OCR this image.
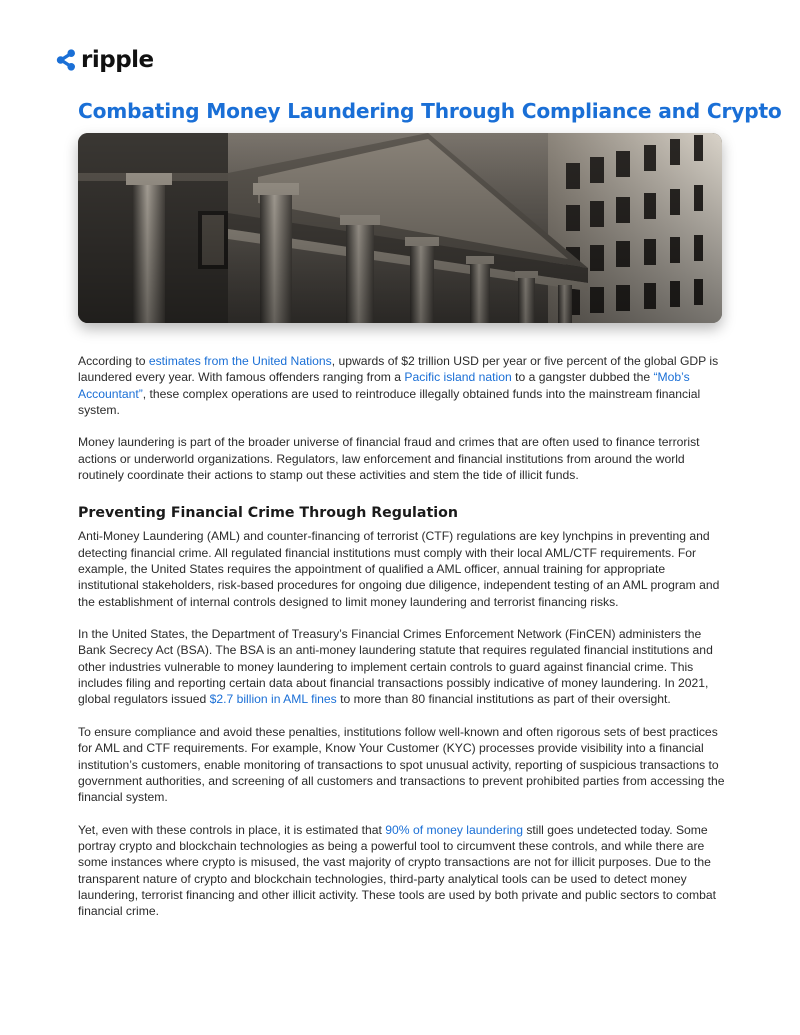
ripple
Combating Money Laundering Through Compliance and Crypto

According to estimates from the United Nations, upwards of $2 trillion USD per year or five percent of the global GDP is laundered every year. With famous offenders ranging from a Pacific island nation to a gangster dubbed the “Mob’s Accountant”, these complex operations are used to reintroduce illegally obtained funds into the mainstream financial system.

Money laundering is part of the broader universe of financial fraud and crimes that are often used to finance terrorist actions or underworld organizations. Regulators, law enforcement and financial institutions from around the world routinely coordinate their actions to stamp out these activities and stem the tide of illicit funds.

Preventing Financial Crime Through Regulation

Anti-Money Laundering (AML) and counter-financing of terrorist (CTF) regulations are key lynchpins in preventing and detecting financial crime. All regulated financial institutions must comply with their local AML/CTF requirements. For example, the United States requires the appointment of qualified a AML officer, annual training for appropriate institutional stakeholders, risk-based procedures for ongoing due diligence, independent testing of an AML program and the establishment of internal controls designed to limit money laundering and terrorist financing risks.

In the United States, the Department of Treasury’s Financial Crimes Enforcement Network (FinCEN) administers the Bank Secrecy Act (BSA). The BSA is an anti-money laundering statute that requires regulated financial institutions and other industries vulnerable to money laundering to implement certain controls to guard against financial crime. This includes filing and reporting certain data about financial transactions possibly indicative of money laundering. In 2021, global regulators issued $2.7 billion in AML fines to more than 80 financial institutions as part of their oversight.

To ensure compliance and avoid these penalties, institutions follow well-known and often rigorous sets of best practices for AML and CTF requirements. For example, Know Your Customer (KYC) processes provide visibility into a financial institution’s customers, enable monitoring of transactions to spot unusual activity, reporting of suspicious transactions to government authorities, and screening of all customers and transactions to prevent prohibited parties from accessing the financial system.

Yet, even with these controls in place, it is estimated that 90% of money laundering still goes undetected today. Some portray crypto and blockchain technologies as being a powerful tool to circumvent these controls, and while there are some instances where crypto is misused, the vast majority of crypto transactions are not for illicit purposes. Due to the transparent nature of crypto and blockchain technologies, third-party analytical tools can be used to detect money laundering, terrorist financing and other illicit activity. These tools are used by both private and public sectors to combat financial crime.
